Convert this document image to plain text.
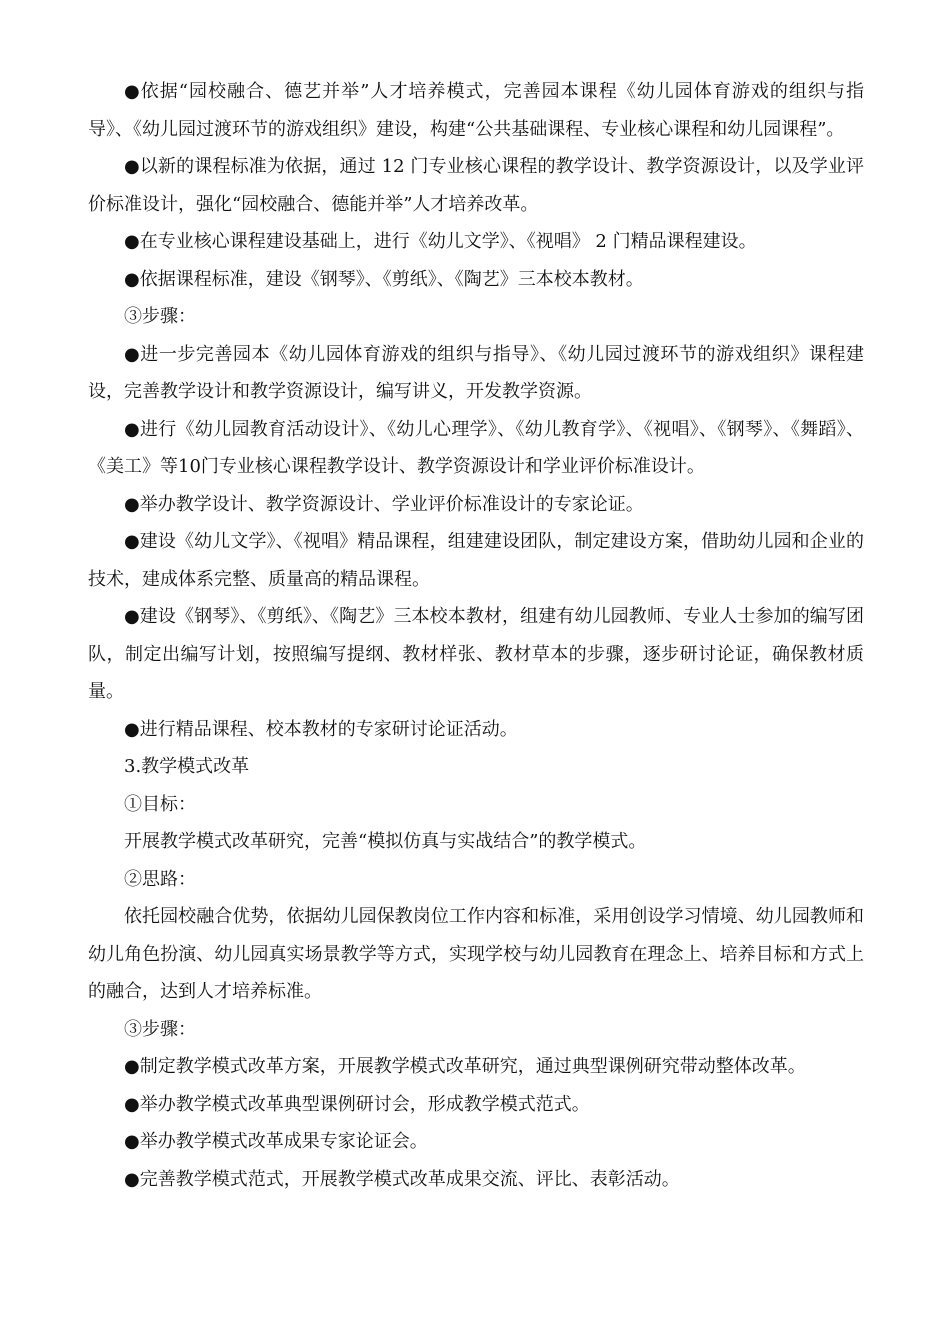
●依据“园校融合、德艺并举”人才培养模式，完善园本课程《幼儿园体育游戏的组织与指导》、《幼儿园过渡环节的游戏组织》建设，构建“公共基础课程、专业核心课程和幼儿园课程”。

●以新的课程标准为依据，通过 12 门专业核心课程的教学设计、教学资源设计，以及学业评价标准设计，强化“园校融合、德能并举”人才培养改革。

●在专业核心课程建设基础上，进行《幼儿文学》、《视唱》 2 门精品课程建设。

●依据课程标准，建设《钢琴》、《剪纸》、《陶艺》三本校本教材。

③步骤：

●进一步完善园本《幼儿园体育游戏的组织与指导》、《幼儿园过渡环节的游戏组织》课程建设，完善教学设计和教学资源设计，编写讲义，开发教学资源。

●进行《幼儿园教育活动设计》、《幼儿心理学》、《幼儿教育学》、《视唱》、《钢琴》、《舞蹈》、《美工》等10门专业核心课程教学设计、教学资源设计和学业评价标准设计。

●举办教学设计、教学资源设计、学业评价标准设计的专家论证。

●建设《幼儿文学》、《视唱》精品课程，组建建设团队，制定建设方案，借助幼儿园和企业的技术，建成体系完整、质量高的精品课程。

●建设《钢琴》、《剪纸》、《陶艺》三本校本教材，组建有幼儿园教师、专业人士参加的编写团队，制定出编写计划，按照编写提纲、教材样张、教材草本的步骤，逐步研讨论证，确保教材质量。

●进行精品课程、校本教材的专家研讨论证活动。

3.教学模式改革

①目标：

开展教学模式改革研究，完善“模拟仿真与实战结合”的教学模式。

②思路：

依托园校融合优势，依据幼儿园保教岗位工作内容和标准，采用创设学习情境、幼儿园教师和幼儿角色扮演、幼儿园真实场景教学等方式，实现学校与幼儿园教育在理念上、培养目标和方式上的融合，达到人才培养标准。

③步骤：

●制定教学模式改革方案，开展教学模式改革研究，通过典型课例研究带动整体改革。

●举办教学模式改革典型课例研讨会，形成教学模式范式。

●举办教学模式改革成果专家论证会。

●完善教学模式范式，开展教学模式改革成果交流、评比、表彰活动。
